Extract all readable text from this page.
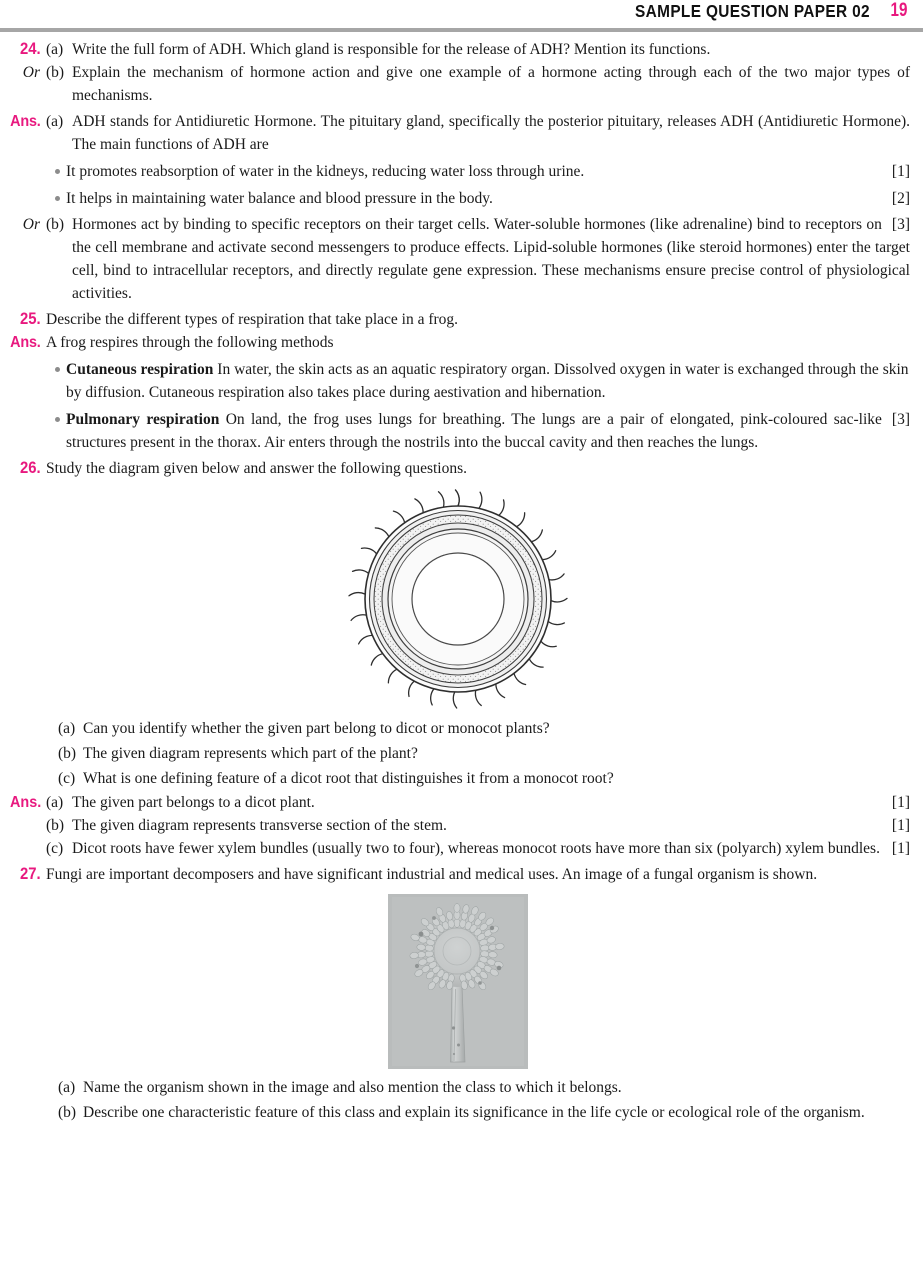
SAMPLE QUESTION PAPER 02 19
24. (a) Write the full form of ADH. Which gland is responsible for the release of ADH? Mention its functions.
Or (b) Explain the mechanism of hormone action and give one example of a hormone acting through each of the two major types of mechanisms.
Ans. (a) ADH stands for Antidiuretic Hormone. The pituitary gland, specifically the posterior pituitary, releases ADH (Antidiuretic Hormone). The main functions of ADH are
It promotes reabsorption of water in the kidneys, reducing water loss through urine.	[1]
It helps in maintaining water balance and blood pressure in the body.	[2]
Or (b)	[3]
Hormones act by binding to specific receptors on their target cells. Water-soluble hormones (like adrenaline) bind to receptors on the cell membrane and activate second messengers to produce effects. Lipid-soluble hormones (like steroid hormones) enter the target cell, bind to intracellular receptors, and directly regulate gene expression. These mechanisms ensure precise control of physiological activities.
25. Describe the different types of respiration that take place in a frog.
Ans. A frog respires through the following methods
Cutaneous respiration In water, the skin acts as an aquatic respiratory organ. Dissolved oxygen in water is exchanged through the skin by diffusion. Cutaneous respiration also takes place during aestivation and hibernation.
[3]
Pulmonary respiration On land, the frog uses lungs for breathing. The lungs are a pair of elongated, pink-coloured sac-like structures present in the thorax. Air enters through the nostrils into the buccal cavity and then reaches the lungs.
26. Study the diagram given below and answer the following questions.
(a) Can you identify whether the given part belong to dicot or monocot plants?
(b) The given diagram represents which part of the plant?
(c) What is one defining feature of a dicot root that distinguishes it from a monocot root?
Ans. (a) The given part belongs to a dicot plant.	[1]
(b) The given diagram represents transverse section of the stem.	[1]
(c)	[1]
Dicot roots have fewer xylem bundles (usually two to four), whereas monocot roots have more than six (polyarch) xylem bundles.
27. Fungi are important decomposers and have significant industrial and medical uses. An image of a fungal organism is shown.
(a) Name the organism shown in the image and also mention the class to which it belongs.
(b) Describe one characteristic feature of this class and explain its significance in the life cycle or ecological role of the organism.
